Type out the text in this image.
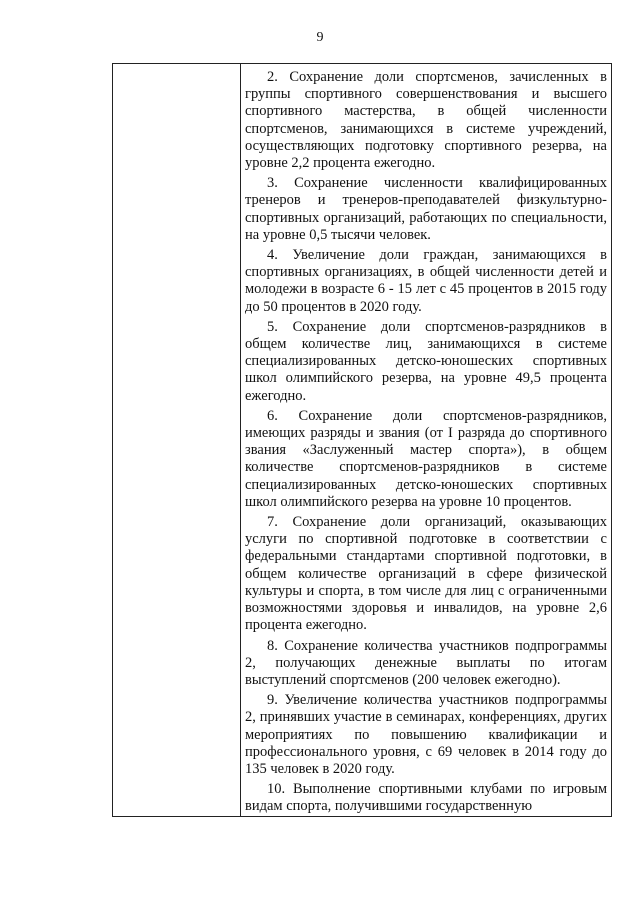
9

2. Сохранение доли спортсменов, зачисленных в группы спортивного совершенствования и высшего спортивного мастерства, в общей численности спортсменов, занимающихся в системе учреждений, осуществляющих подготовку спортивного резерва, на уровне 2,2 процента ежегодно.

3. Сохранение численности квалифицированных тренеров и тренеров-преподавателей физкультурно-спортивных организаций, работающих по специальности, на уровне 0,5 тысячи человек.

4. Увеличение доли граждан, занимающихся в спортивных организациях, в общей численности детей и молодежи в возрасте 6 - 15 лет с 45 процентов в 2015 году до 50 процентов в 2020 году.

5. Сохранение доли спортсменов-разрядников в общем количестве лиц, занимающихся в системе специализированных детско-юношеских спортивных школ олимпийского резерва, на уровне 49,5 процента ежегодно.

6. Сохранение доли спортсменов-разрядников, имеющих разряды и звания (от I разряда до спортивного звания «Заслуженный мастер спорта»), в общем количестве спортсменов-разрядников в системе специализированных детско-юношеских спортивных школ олимпийского резерва на уровне 10 процентов.

7. Сохранение доли организаций, оказывающих услуги по спортивной подготовке в соответствии с федеральными стандартами спортивной подготовки, в общем количестве организаций в сфере физической культуры и спорта, в том числе для лиц с ограниченными возможностями здоровья и инвалидов, на уровне 2,6 процента ежегодно.

8. Сохранение количества участников подпрограммы 2, получающих денежные выплаты по итогам выступлений спортсменов (200 человек ежегодно).

9. Увеличение количества участников подпрограммы 2, принявших участие в семинарах, конференциях, других мероприятиях по повышению квалификации и профессионального уровня, с 69 человек в 2014 году до 135 человек в 2020 году.

10. Выполнение спортивными клубами по игровым видам спорта, получившими государственную
